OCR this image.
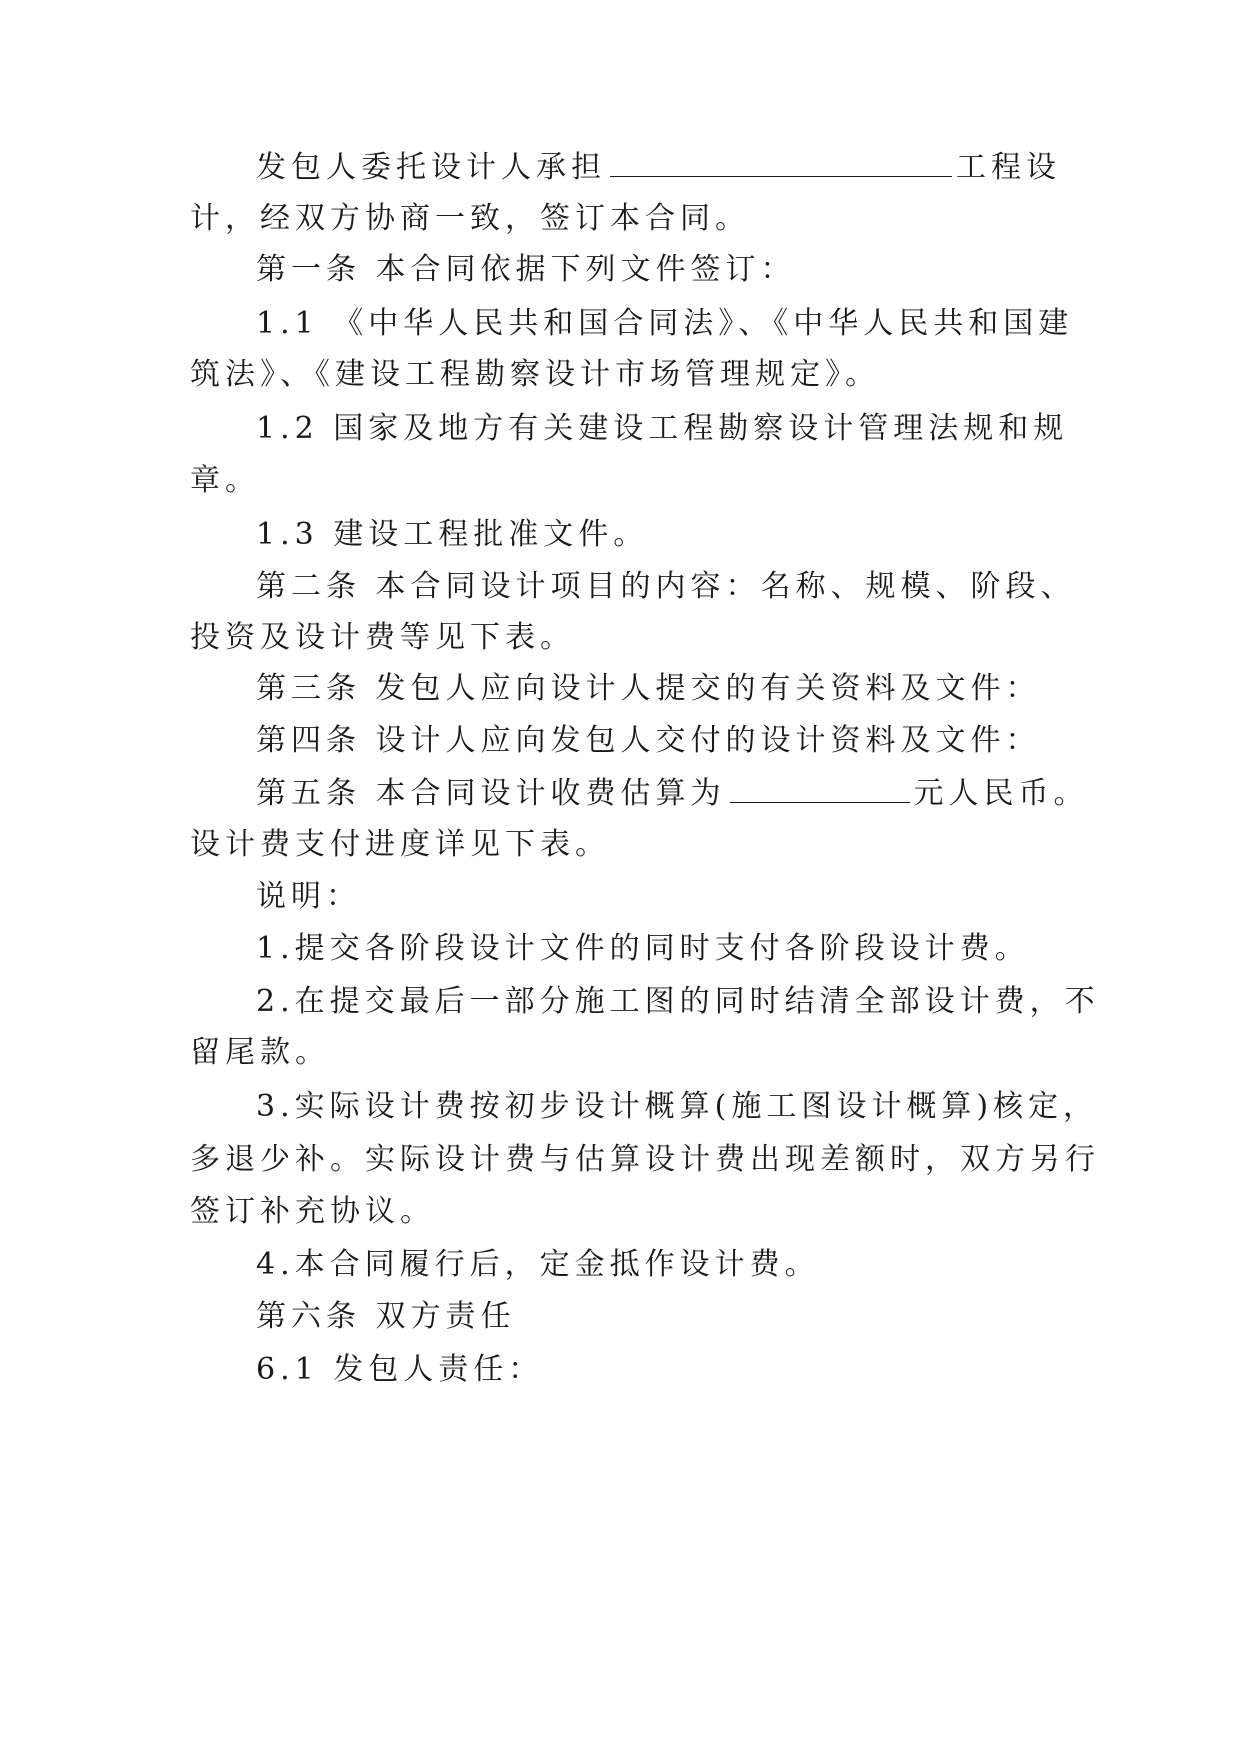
发包人委托设计人承担	工程设
计，经双方协商一致，签订本合同。
第一条 本合同依据下列文件签订：
1.1 《中华人民共和国合同法》、《中华人民共和国建
筑法》、《建设工程勘察设计市场管理规定》。
1.2 国家及地方有关建设工程勘察设计管理法规和规
章。
1.3 建设工程批准文件。
第二条 本合同设计项目的内容：名称、规模、阶段、
投资及设计费等见下表。
第三条 发包人应向设计人提交的有关资料及文件：
第四条 设计人应向发包人交付的设计资料及文件：
第五条 本合同设计收费估算为	元人民币。
设计费支付进度详见下表。
说明：
1.提交各阶段设计文件的同时支付各阶段设计费。
2.在提交最后一部分施工图的同时结清全部设计费，不
留尾款。
3.实际设计费按初步设计概算(施工图设计概算)核定，
多退少补。实际设计费与估算设计费出现差额时，双方另行
签订补充协议。
4.本合同履行后，定金抵作设计费。
第六条 双方责任
6.1 发包人责任：
